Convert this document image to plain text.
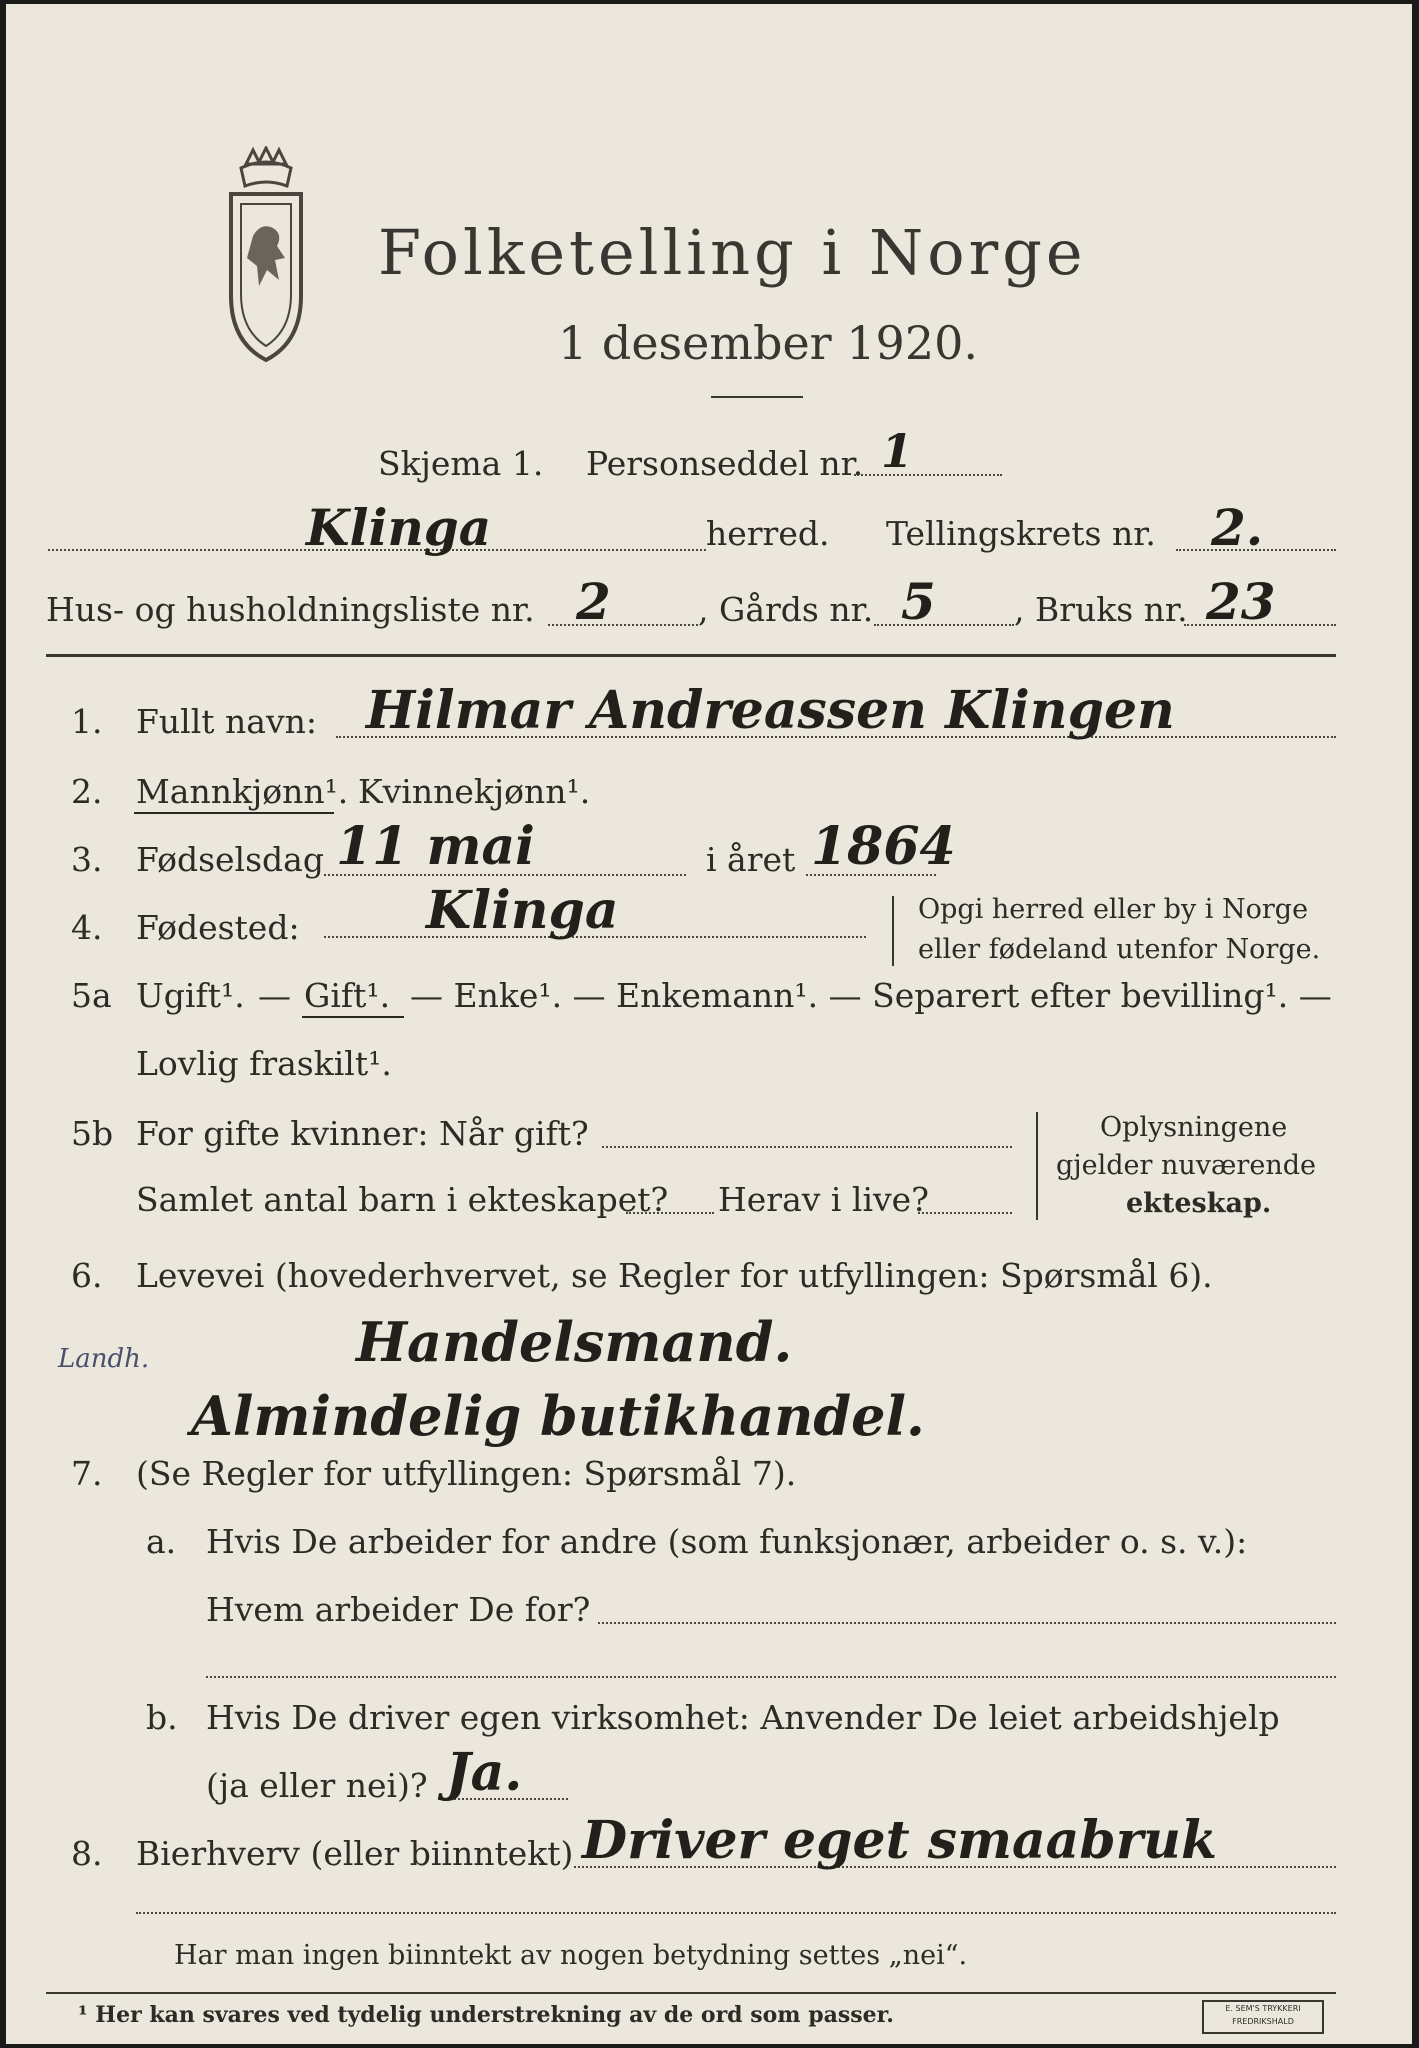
Folketelling i Norge
1 desember 1920.
Skjema 1. Personseddel nr. 1
Klinga	herred. Tellingskrets nr. 2.
Hus- og husholdningsliste nr. 2	, Gårds nr. 5 , Bruks nr. 23
1. Fullt navn: Hilmar Andreassen Klingen
2. Mannkjønn¹. Kvinnekjønn¹.
3. Fødselsdag 11 mai	i året 1864
4. Fødested: Klinga	Opgi herred eller by i Norge
eller fødeland utenfor Norge.
5a Ugift¹. — Gift¹. — Enke¹. — Enkemann¹. — Separert efter bevilling¹. —
Lovlig fraskilt¹.
5b For gifte kvinner: Når gift?
Samlet antal barn i ekteskapet? Herav i live?
Oplysningene
gjelder nuværende
ekteskap.
6. Levevei (hovederhvervet, se Regler for utfyllingen: Spørsmål 6).
Landh.	Handelsmand.
Almindelig butikhandel.
7. (Se Regler for utfyllingen: Spørsmål 7).
a. Hvis De arbeider for andre (som funksjonær, arbeider o. s. v.):
Hvem arbeider De for?
b. Hvis De driver egen virksomhet: Anvender De leiet arbeidshjelp
(ja eller nei)? Ja.
8. Bierhverv (eller biinntekt) Driver eget smaabruk
Har man ingen biinntekt av nogen betydning settes „nei“.
¹ Her kan svares ved tydelig understrekning av de ord som passer.	E. SEM'S TRYKKERI FREDRIKSHALD
